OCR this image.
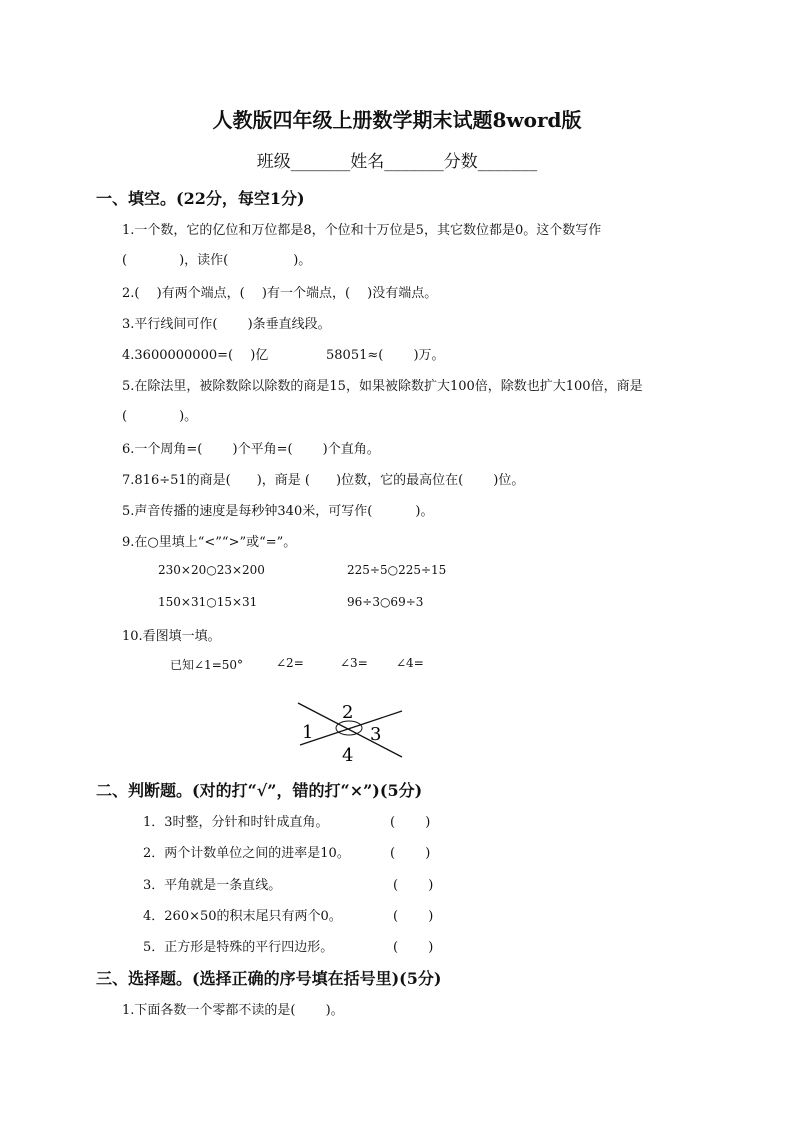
人教版四年级上册数学期末试题8word版
班级_______姓名_______分数_______
一、填空。(22分，每空1分)
1.一个数，它的亿位和万位都是8，个位和十万位是5，其它数位都是0。这个数写作
(　　　　)，读作(　　　　　)。
2.(　 )有两个端点，(　 )有一个端点，(　 )没有端点。
3.平行线间可作(　　 )条垂直线段。
4.3600000000=(　 )亿	58051≈(　　 )万。
5.在除法里，被除数除以除数的商是15，如果被除数扩大100倍，除数也扩大100倍，商是
(　　　　)。
6.一个周角=(　　 )个平角=(　　 )个直角。
7.816÷51的商是(　　)，商是 (　　)位数，它的最高位在(　　 )位。
5.声音传播的速度是每秒钟340米，可写作(　　　 )。
9.在○里填上“<”“>”或“=”。
230×20○23×200	225÷5○225÷15
150×31○15×31	96÷3○69÷3
10.看图填一填。
已知∠1=50°	∠2=	∠3= ∠4=
1
2
3
4
二、判断题。(对的打“√”，错的打“×”)(5分)
1．3时整，分针和时针成直角。	(　　 )
2．两个计数单位之间的进率是10。	(　　 )
3．平角就是一条直线。	(　　 )
4．260×50的积末尾只有两个0。	(　　 )
5．正方形是特殊的平行四边形。	(　　 )
三、选择题。(选择正确的序号填在括号里)(5分)
1.下面各数一个零都不读的是(　　 )。
